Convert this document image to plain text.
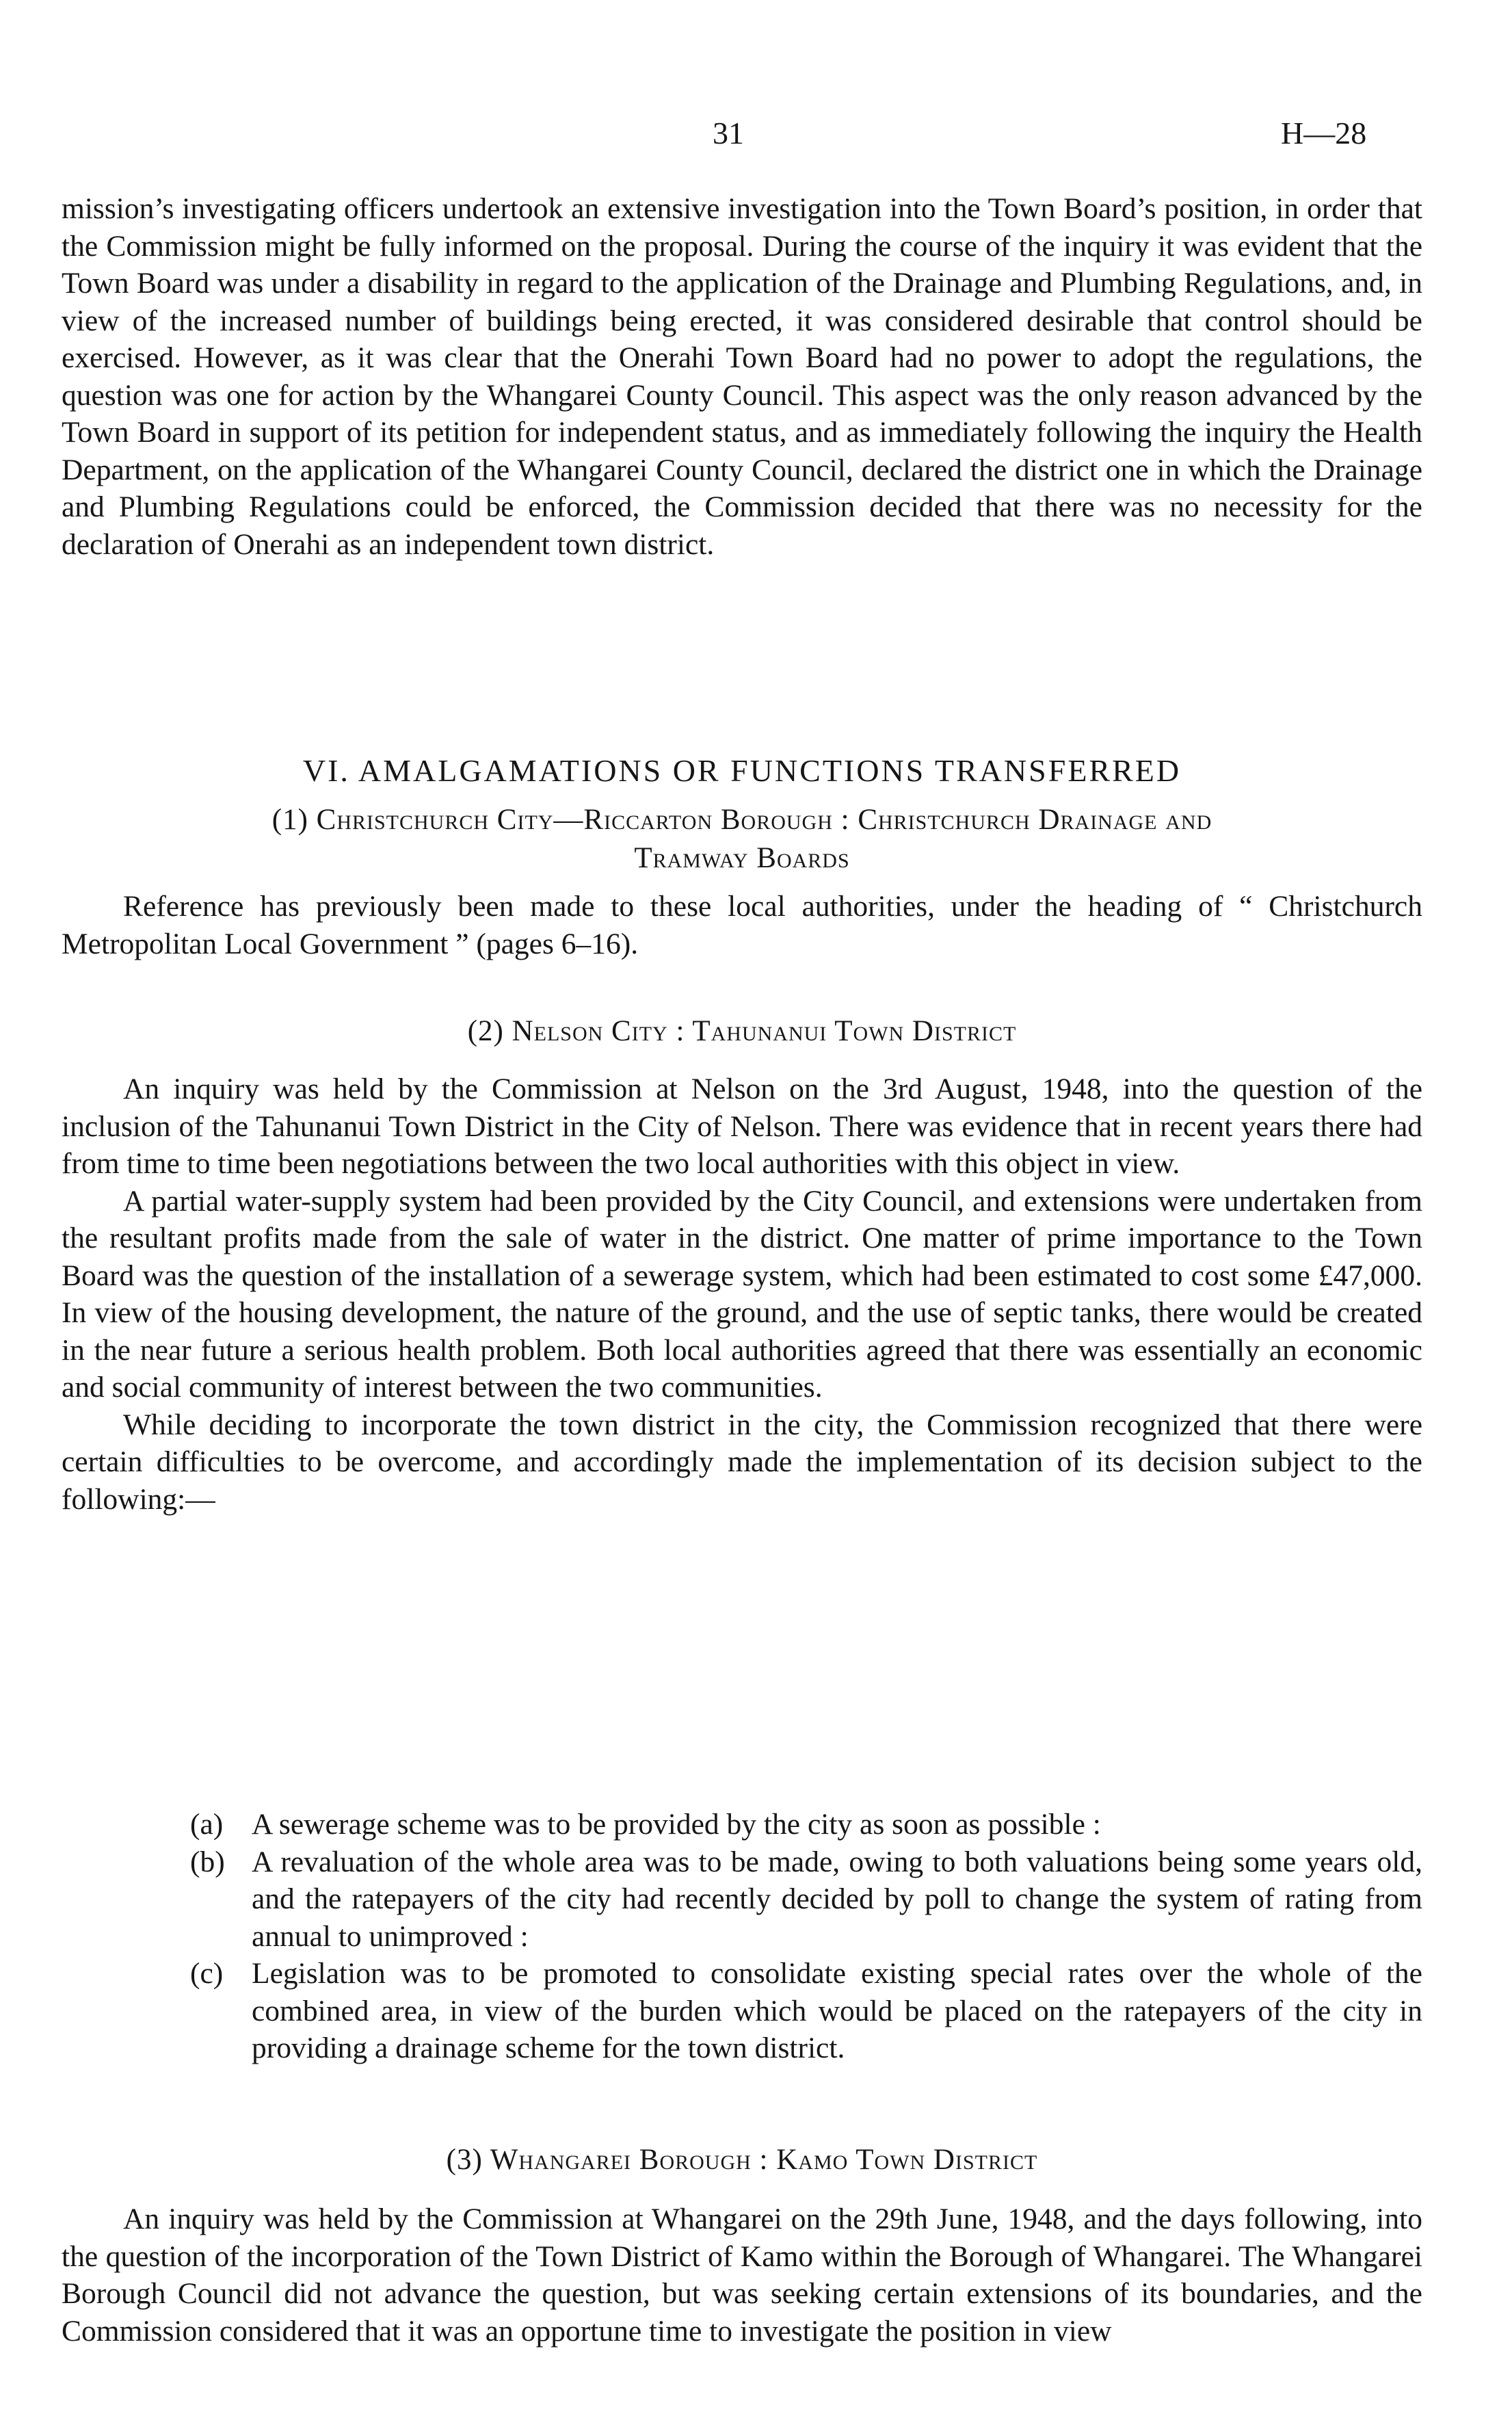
31	H—28

mission’s investigating officers undertook an extensive investigation into the Town Board’s position, in order that the Commission might be fully informed on the proposal. During the course of the inquiry it was evident that the Town Board was under a disability in regard to the application of the Drainage and Plumbing Regulations, and, in view of the increased number of buildings being erected, it was considered desirable that control should be exercised. However, as it was clear that the Onerahi Town Board had no power to adopt the regulations, the question was one for action by the Whangarei County Council. This aspect was the only reason advanced by the Town Board in support of its petition for independent status, and as immediately following the inquiry the Health Department, on the application of the Whangarei County Council, declared the district one in which the Drainage and Plumbing Regulations could be enforced, the Commission decided that there was no necessity for the declaration of Onerahi as an independent town district.

VI. AMALGAMATIONS OR FUNCTIONS TRANSFERRED
(1) Christchurch City—Riccarton Borough : Christchurch Drainage and
Tramway Boards

Reference has previously been made to these local authorities, under the heading of “ Christchurch Metropolitan Local Government ” (pages 6–16).

(2) Nelson City : Tahunanui Town District

An inquiry was held by the Commission at Nelson on the 3rd August, 1948, into the question of the inclusion of the Tahunanui Town District in the City of Nelson. There was evidence that in recent years there had from time to time been negotiations between the two local authorities with this object in view.

A partial water-supply system had been provided by the City Council, and extensions were undertaken from the resultant profits made from the sale of water in the district. One matter of prime importance to the Town Board was the question of the installation of a sewerage system, which had been estimated to cost some £47,000. In view of the housing development, the nature of the ground, and the use of septic tanks, there would be created in the near future a serious health problem. Both local authorities agreed that there was essentially an economic and social community of interest between the two communities.

While deciding to incorporate the town district in the city, the Commission recognized that there were certain difficulties to be overcome, and accordingly made the implementation of its decision subject to the following:—

(a) A sewerage scheme was to be provided by the city as soon as possible :
(b) A revaluation of the whole area was to be made, owing to both valuations being some years old, and the ratepayers of the city had recently decided by poll to change the system of rating from annual to unimproved :
(c) Legislation was to be promoted to consolidate existing special rates over the whole of the combined area, in view of the burden which would be placed on the ratepayers of the city in providing a drainage scheme for the town district.
(3) Whangarei Borough : Kamo Town District

An inquiry was held by the Commission at Whangarei on the 29th June, 1948, and the days following, into the question of the incorporation of the Town District of Kamo within the Borough of Whangarei. The Whangarei Borough Council did not advance the question, but was seeking certain extensions of its boundaries, and the Commission considered that it was an opportune time to investigate the position in view
